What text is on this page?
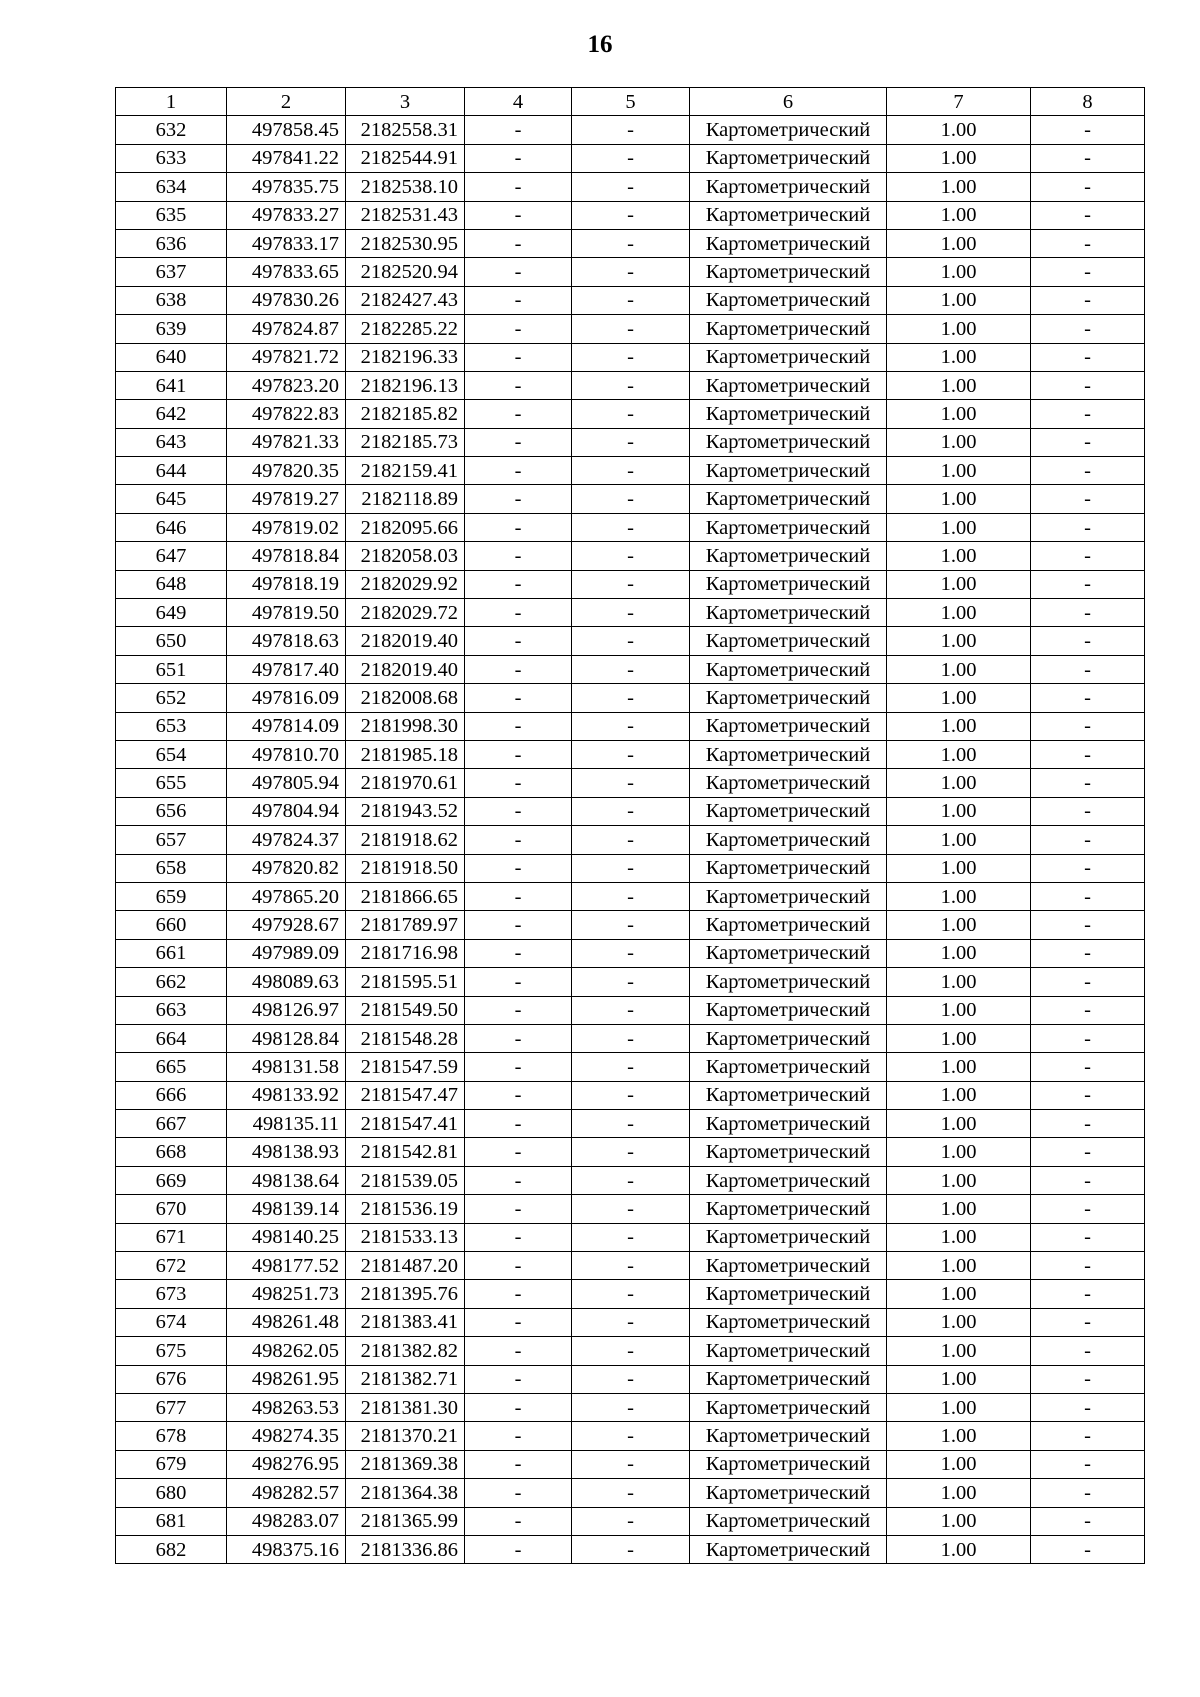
16
1	2	3	4	5	6	7	8
632	497858.45	2182558.31	-	-	Картометрический	1.00	-
633	497841.22	2182544.91	-	-	Картометрический	1.00	-
634	497835.75	2182538.10	-	-	Картометрический	1.00	-
635	497833.27	2182531.43	-	-	Картометрический	1.00	-
636	497833.17	2182530.95	-	-	Картометрический	1.00	-
637	497833.65	2182520.94	-	-	Картометрический	1.00	-
638	497830.26	2182427.43	-	-	Картометрический	1.00	-
639	497824.87	2182285.22	-	-	Картометрический	1.00	-
640	497821.72	2182196.33	-	-	Картометрический	1.00	-
641	497823.20	2182196.13	-	-	Картометрический	1.00	-
642	497822.83	2182185.82	-	-	Картометрический	1.00	-
643	497821.33	2182185.73	-	-	Картометрический	1.00	-
644	497820.35	2182159.41	-	-	Картометрический	1.00	-
645	497819.27	2182118.89	-	-	Картометрический	1.00	-
646	497819.02	2182095.66	-	-	Картометрический	1.00	-
647	497818.84	2182058.03	-	-	Картометрический	1.00	-
648	497818.19	2182029.92	-	-	Картометрический	1.00	-
649	497819.50	2182029.72	-	-	Картометрический	1.00	-
650	497818.63	2182019.40	-	-	Картометрический	1.00	-
651	497817.40	2182019.40	-	-	Картометрический	1.00	-
652	497816.09	2182008.68	-	-	Картометрический	1.00	-
653	497814.09	2181998.30	-	-	Картометрический	1.00	-
654	497810.70	2181985.18	-	-	Картометрический	1.00	-
655	497805.94	2181970.61	-	-	Картометрический	1.00	-
656	497804.94	2181943.52	-	-	Картометрический	1.00	-
657	497824.37	2181918.62	-	-	Картометрический	1.00	-
658	497820.82	2181918.50	-	-	Картометрический	1.00	-
659	497865.20	2181866.65	-	-	Картометрический	1.00	-
660	497928.67	2181789.97	-	-	Картометрический	1.00	-
661	497989.09	2181716.98	-	-	Картометрический	1.00	-
662	498089.63	2181595.51	-	-	Картометрический	1.00	-
663	498126.97	2181549.50	-	-	Картометрический	1.00	-
664	498128.84	2181548.28	-	-	Картометрический	1.00	-
665	498131.58	2181547.59	-	-	Картометрический	1.00	-
666	498133.92	2181547.47	-	-	Картометрический	1.00	-
667	498135.11	2181547.41	-	-	Картометрический	1.00	-
668	498138.93	2181542.81	-	-	Картометрический	1.00	-
669	498138.64	2181539.05	-	-	Картометрический	1.00	-
670	498139.14	2181536.19	-	-	Картометрический	1.00	-
671	498140.25	2181533.13	-	-	Картометрический	1.00	-
672	498177.52	2181487.20	-	-	Картометрический	1.00	-
673	498251.73	2181395.76	-	-	Картометрический	1.00	-
674	498261.48	2181383.41	-	-	Картометрический	1.00	-
675	498262.05	2181382.82	-	-	Картометрический	1.00	-
676	498261.95	2181382.71	-	-	Картометрический	1.00	-
677	498263.53	2181381.30	-	-	Картометрический	1.00	-
678	498274.35	2181370.21	-	-	Картометрический	1.00	-
679	498276.95	2181369.38	-	-	Картометрический	1.00	-
680	498282.57	2181364.38	-	-	Картометрический	1.00	-
681	498283.07	2181365.99	-	-	Картометрический	1.00	-
682	498375.16	2181336.86	-	-	Картометрический	1.00	-
